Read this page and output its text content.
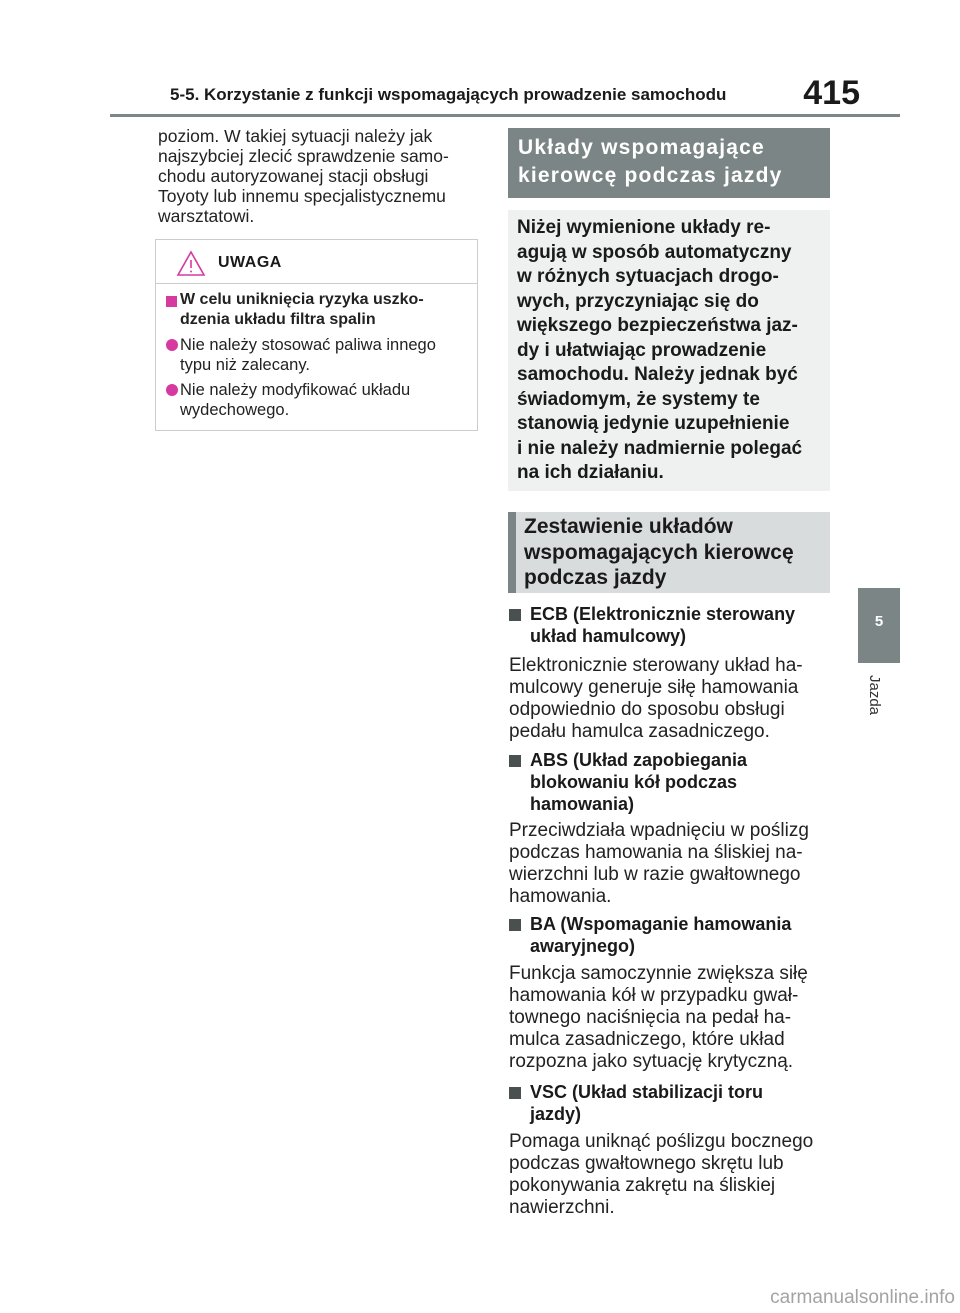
5-5. Korzystanie z funkcji wspomagających prowadzenie samochodu	415
poziom. W takiej sytuacji należy jak
najszybciej zlecić sprawdzenie samo-
chodu autoryzowanej stacji obsługi
Toyoty lub innemu specjalistycznemu
warsztatowi.
UWAGA
W celu uniknięcia ryzyka uszko-
dzenia układu filtra spalin
Nie należy stosować paliwa innego
typu niż zalecany.
Nie należy modyfikować układu
wydechowego.
Układy wspomagające
kierowcę podczas jazdy
Niżej wymienione układy re-
agują w sposób automatyczny
w różnych sytuacjach drogo-
wych, przyczyniając się do
większego bezpieczeństwa jaz-
dy i ułatwiając prowadzenie
samochodu. Należy jednak być
świadomym, że systemy te
stanowią jedynie uzupełnienie
i nie należy nadmiernie polegać
na ich działaniu.
Zestawienie układów
wspomagających kierowcę
podczas jazdy
ECB (Elektronicznie sterowany
układ hamulcowy)
Elektronicznie sterowany układ ha-
mulcowy generuje siłę hamowania
odpowiednio do sposobu obsługi
pedału hamulca zasadniczego.
ABS (Układ zapobiegania
blokowaniu kół podczas
hamowania)
Przeciwdziała wpadnięciu w poślizg
podczas hamowania na śliskiej na-
wierzchni lub w razie gwałtownego
hamowania.
BA (Wspomaganie hamowania
awaryjnego)
Funkcja samoczynnie zwiększa siłę
hamowania kół w przypadku gwał-
townego naciśnięcia na pedał ha-
mulca zasadniczego, które układ
rozpozna jako sytuację krytyczną.
VSC (Układ stabilizacji toru
jazdy)
Pomaga uniknąć poślizgu bocznego
podczas gwałtownego skrętu lub
pokonywania zakrętu na śliskiej
nawierzchni.
5
Jazda
carmanualsonline.info
